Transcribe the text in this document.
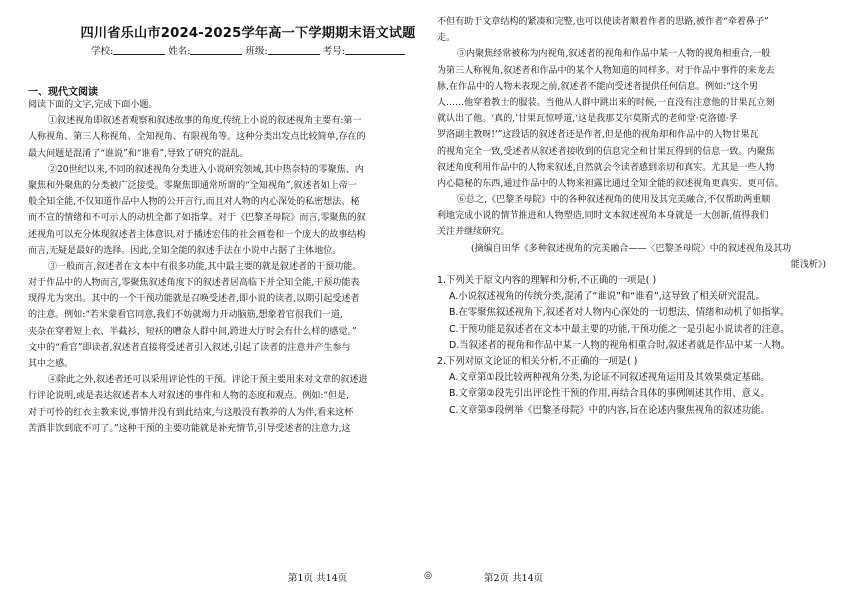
四川省乐山市2024-2025学年高一下学期期末语文试题
学校:	姓名:	班级:	考号:
一、现代文阅读
阅读下面的文字,完成下面小题。
①叙述视角即叙述者观察和叙述故事的角度,传统上小说的叙述视角主要有:第一
人称视角、第三人称视角、全知视角、有限视角等。这种分类出发点比较简单,存在的
最大问题是混淆了“谁说”和“谁看”,导致了研究的混乱。
②20世纪以来,不同的叙述视角分类进入小说研究领域,其中热奈特的零聚焦、内
聚焦和外聚焦的分类被广泛接受。零聚焦即通常所谓的“全知视角”,叙述者如上帝一
般全知全能,不仅知道作品中人物的公开言行,而且对人物的内心深处的私密想法、秘
而不宣的情绪和不可示人的动机全都了如指掌。对于《巴黎圣母院》而言,零聚焦的叙
述视角可以充分体现叙述者主体意识,对于播述宏伟的社会画卷和一个庞大的故事结构
而言,无疑是最好的选择。因此,全知全能的叙述手法在小说中占据了主体地位。
③一般而言,叙述者在文本中有很多功能,其中最主要的就是叙述者的干预功能。
对于作品中的人物而言,零聚焦叙述角度下的叙述者居高临下并全知全能,干预功能表
现得尤为突出。其中的一个干预功能就是召唤受述者,即小说的读者,以期引起受述者
的注意。例如:“若米蒙看官同意,我们不妨就竭力开动脑筋,想象着官很我们一道,
夹杂在穿着短上衣、半截衫、短袄的嘈杂人群中间,跨进大厅时会有什么样的感觉。”
文中的“看官”即读者,叙述者直接将受述者引入叙述,引起了读者的注意并产生参与
其中之感。
④除此之外,叙述者还可以采用评论性的干预。评论干预主要用来对文章的叙述进
行评论说明,或是表达叙述者本人对叙述的事件和人物的态度和观点。例如:“但是,
对于可怜的红衣主教来说,事情并没有到此结束,与这般没有教养的人为伴,看来这杯
苦酒非饮到底不可了。”这种干预的主要功能就是补充情节,引导受述者的注意力,这
不但有助于文章结构的紧凑和完整,也可以使读者顺着作者的思路,被作者“牵着鼻子”
走。
⑤内聚焦经常被称为内视角,叙述者的视角和作品中某一人物的视角相重合,一般
为第三人称视角,叙述者和作品中的某个人物知道的同样多。对于作品中事件的来龙去
脉,在作品中的人物未表现之前,叙述者不能向受述者提供任何信息。例如:“这个男
人……他穿着教士的服装。当他从人群中跳出来的时候,一直没有注意他的甘果瓦立刻
就认出了他。‘真的,’甘果瓦惊呼道,‘这是我那艾尔莫斯式的老师堂·克洛德·孚
罗洛副主教呀!’”这段话的叙述者还是作者,但是他的视角却和作品中的人物甘果瓦
的视角完全一致,受述者从叙述者接收到的信息完全和甘果瓦得到的信息一致。内聚焦
叙述角度利用作品中的人物来叙述,自然就会令读者感到亲切和真实。尤其是一些人物
内心隐秘的东西,通过作品中的人物来袒露比通过全知全能的叙述视角更真实、更可信。
⑥总之,《巴黎圣母院》中的各种叙述视角的使用及其完美融合,不仅帮助两重顺
利地完成小说的情节推进和人物塑造,同时文本叙述视角本身就是一大创新,值得我们
关注并继续研究。
(摘编自田华《多种叙述视角的完美融合——〈巴黎圣母院〉中的叙述视角及其功
能浅析》)
1.下列关于原文内容的理解和分析,不正确的一项是( )
A.小说叙述视角的传统分类,混淆了“谁说”和“谁看”,这导致了相关研究混乱。
B.在零聚焦叙述视角下,叙述者对人物内心深处的一切想法、情绪和动机了如指掌。
C.干预功能是叙述者在文本中最主要的功能,干预功能之一是引起小说读者的注意。
D.当叙述者的视角和作品中某一人物的视角相重合时,叙述者就是作品中某一人物。
2.下列对原文论证的相关分析,不正确的一项是( )
A.文章第①段比较两种视角分类,为论证不同叙述视角运用及其效果奠定基础。
B.文章第②段先引出评论性干预的作用,再结合具体的事例阐述其作用、意义。
C.文章第⑤段例举《巴黎圣母院》中的内容,旨在论述内聚焦视角的叙述功能。
第1页 共14页	◎	第2页 共14页
